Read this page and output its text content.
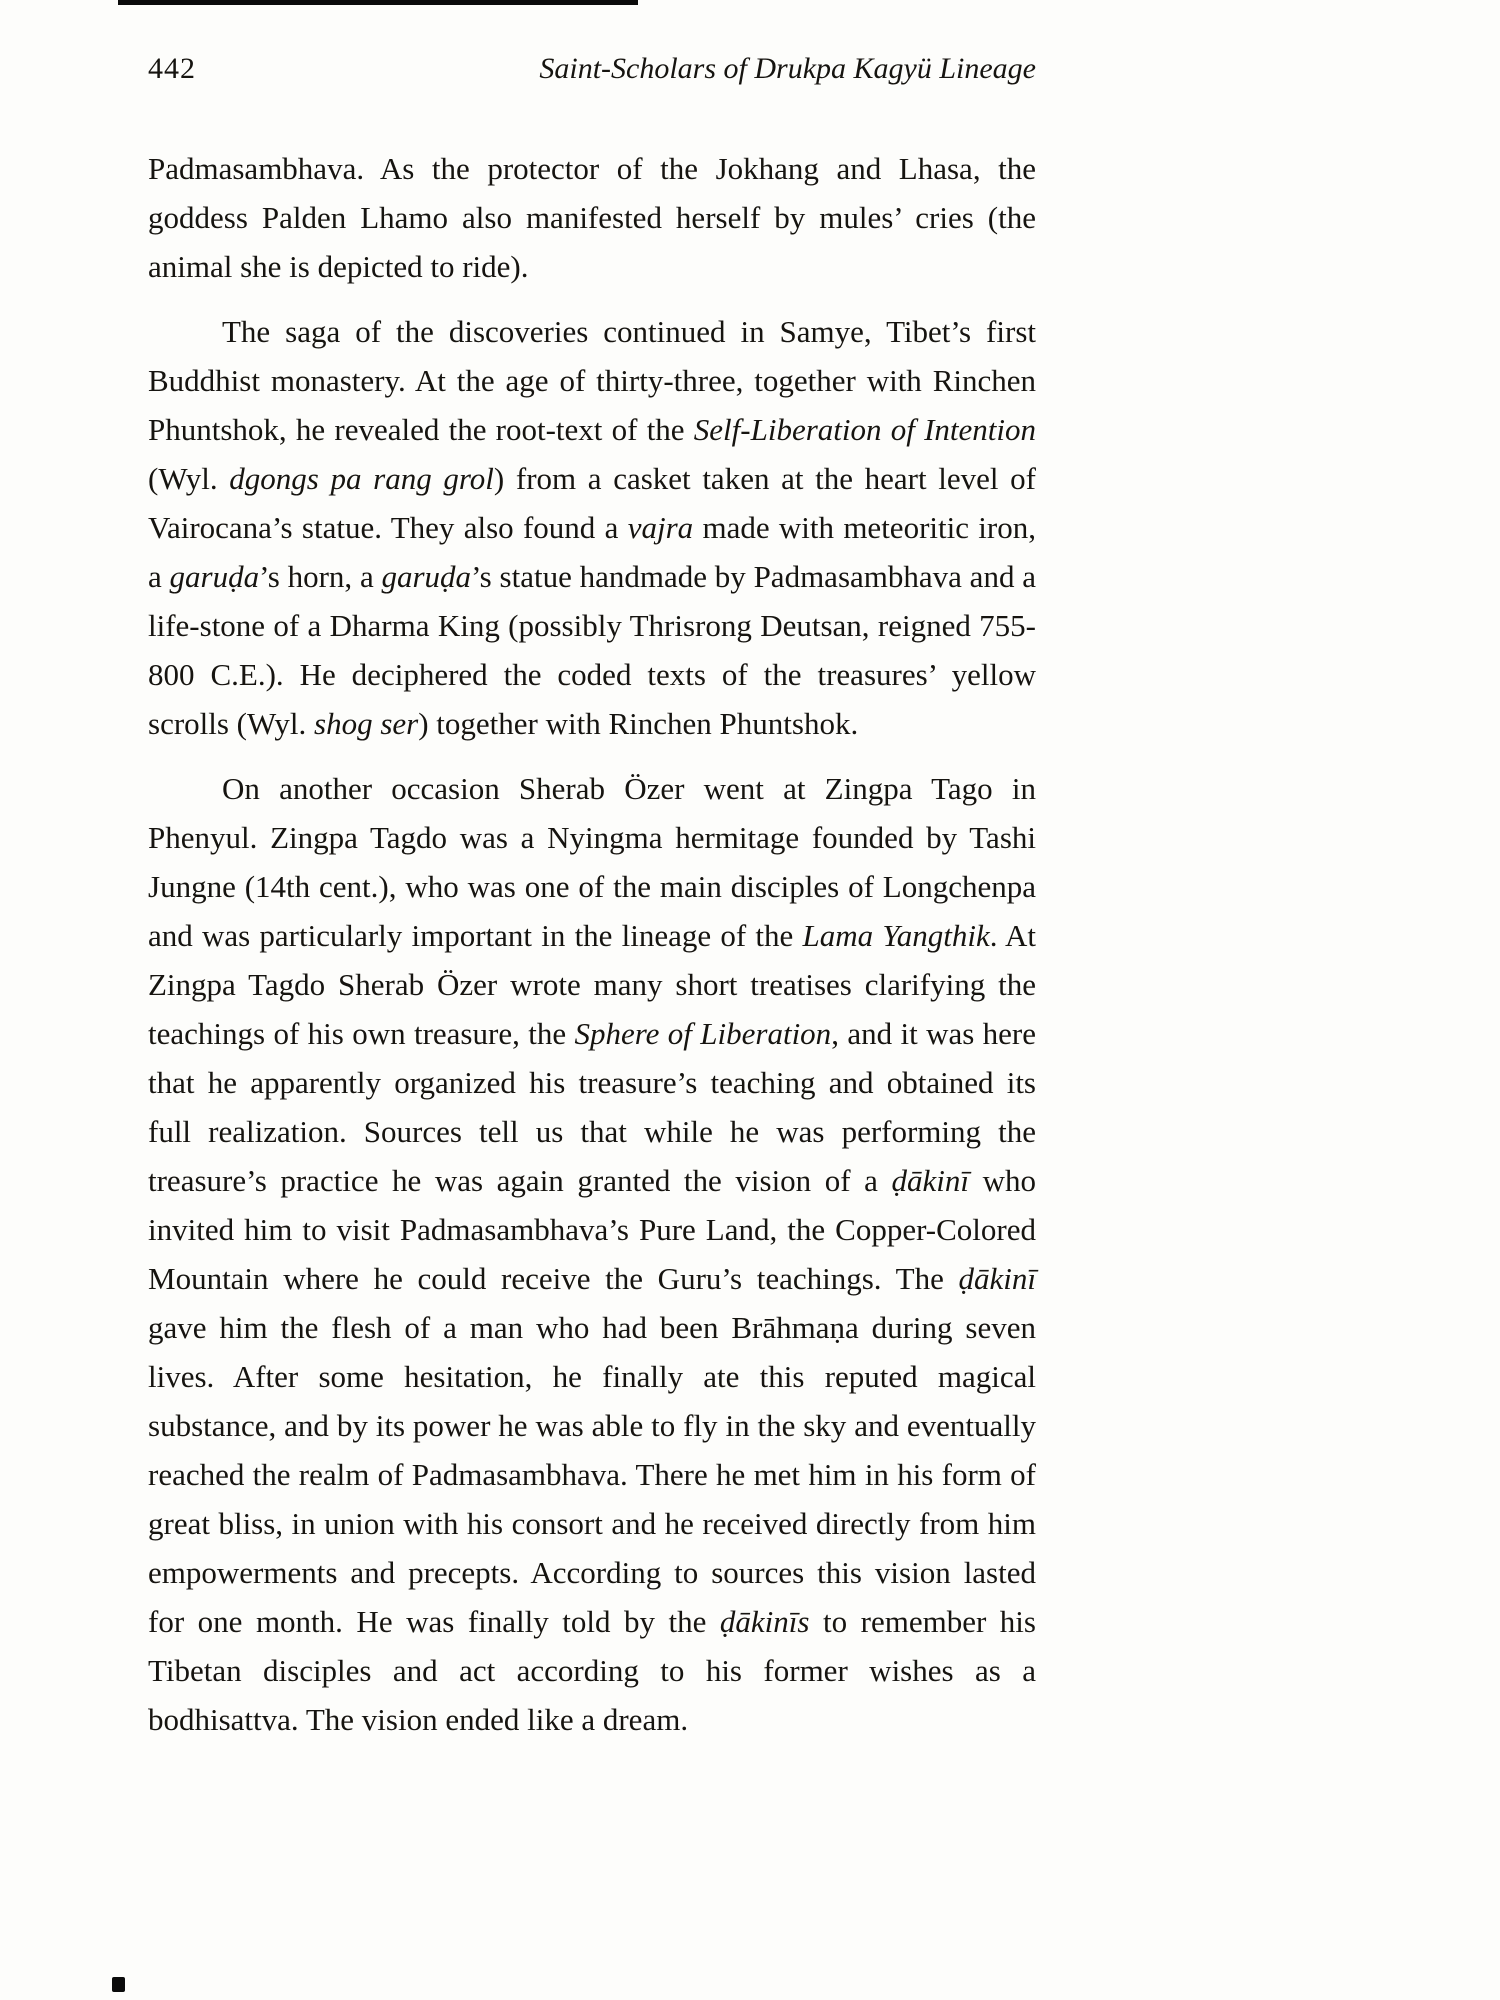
442	Saint-Scholars of Drukpa Kagyü Lineage

Padmasambhava. As the protector of the Jokhang and Lhasa, the goddess Palden Lhamo also manifested herself by mules’ cries (the animal she is depicted to ride).

The saga of the discoveries continued in Samye, Tibet’s first Buddhist monastery. At the age of thirty-three, together with Rinchen Phuntshok, he revealed the root-text of the Self-Liberation of Intention (Wyl. dgongs pa rang grol) from a casket taken at the heart level of Vairocana’s statue. They also found a vajra made with meteoritic iron, a garuḍa’s horn, a garuḍa’s statue handmade by Padmasambhava and a life-stone of a Dharma King (possibly Thrisrong Deutsan, reigned 755-800 C.E.). He deciphered the coded texts of the treasures’ yellow scrolls (Wyl. shog ser) together with Rinchen Phuntshok.

On another occasion Sherab Özer went at Zingpa Tago in Phenyul. Zingpa Tagdo was a Nyingma hermitage founded by Tashi Jungne (14th cent.), who was one of the main disciples of Longchenpa and was particularly important in the lineage of the Lama Yangthik. At Zingpa Tagdo Sherab Özer wrote many short treatises clarifying the teachings of his own treasure, the Sphere of Liberation, and it was here that he apparently organized his treasure’s teaching and obtained its full realization. Sources tell us that while he was performing the treasure’s practice he was again granted the vision of a ḍākinī who invited him to visit Padmasambhava’s Pure Land, the Copper-Colored Mountain where he could receive the Guru’s teachings. The ḍākinī gave him the flesh of a man who had been Brāhmaṇa during seven lives. After some hesitation, he finally ate this reputed magical substance, and by its power he was able to fly in the sky and eventually reached the realm of Padmasambhava. There he met him in his form of great bliss, in union with his consort and he received directly from him empowerments and precepts. According to sources this vision lasted for one month. He was finally told by the ḍākinīs to remember his Tibetan disciples and act according to his former wishes as a bodhisattva. The vision ended like a dream.
